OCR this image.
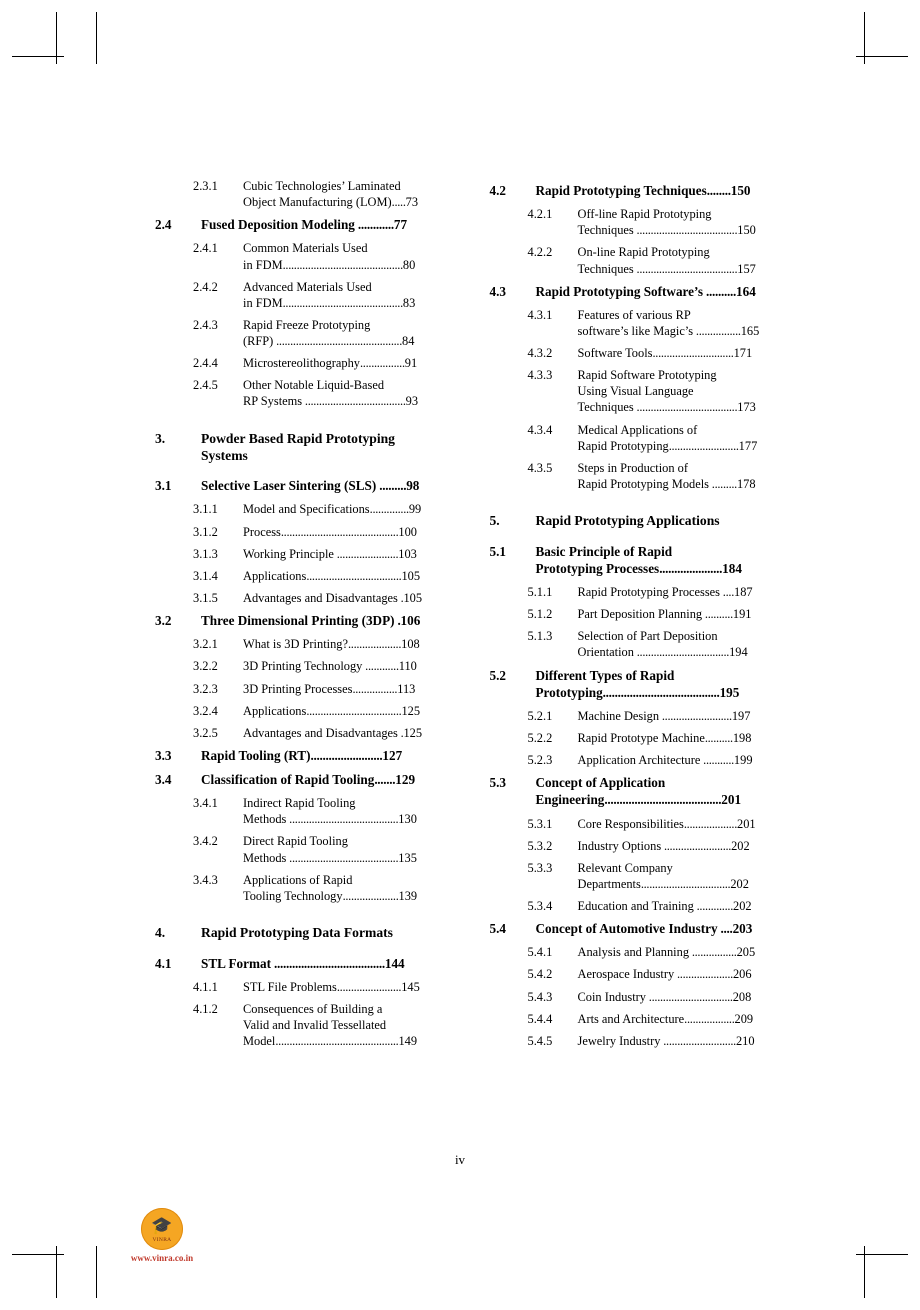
2.3.1	Cubic Technologies’ Laminated
Object Manufacturing (LOM).....73
2.4	Fused Deposition Modeling ............77
2.4.1	Common Materials Used
in FDM...........................................80
2.4.2	Advanced Materials Used
in FDM...........................................83
2.4.3	Rapid Freeze Prototyping
(RFP) .............................................84
2.4.4	Microstereolithography................91
2.4.5	Other Notable Liquid-Based
RP Systems ....................................93
3.	Powder Based Rapid Prototyping
Systems
3.1	Selective Laser Sintering (SLS) .........98
3.1.1	Model and Specifications..............99
3.1.2	Process..........................................100
3.1.3	Working Principle ......................103
3.1.4	Applications..................................105
3.1.5	Advantages and Disadvantages .105
3.2	Three Dimensional Printing (3DP) .106
3.2.1	What is 3D Printing?...................108
3.2.2	3D Printing Technology ............110
3.2.3	3D Printing Processes................113
3.2.4	Applications..................................125
3.2.5	Advantages and Disadvantages .125
3.3	Rapid Tooling (RT)........................127
3.4	Classification of Rapid Tooling.......129
3.4.1	Indirect Rapid Tooling
Methods .......................................130
3.4.2	Direct Rapid Tooling
Methods .......................................135
3.4.3	Applications of Rapid
Tooling Technology....................139
4.	Rapid Prototyping Data Formats
4.1	STL Format .....................................144
4.1.1	STL File Problems.......................145
4.1.2	Consequences of Building a
Valid and Invalid Tessellated
Model............................................149
4.2	Rapid Prototyping Techniques........150
4.2.1	Off-line Rapid Prototyping
Techniques ....................................150
4.2.2	On-line Rapid Prototyping
Techniques ....................................157
4.3	Rapid Prototyping Software’s ..........164
4.3.1	Features of various RP
software’s like Magic’s ................165
4.3.2	Software Tools.............................171
4.3.3	Rapid Software Prototyping
Using Visual Language
Techniques ....................................173
4.3.4	Medical Applications of
Rapid Prototyping.........................177
4.3.5	Steps in Production of
Rapid Prototyping Models .........178
5.	Rapid Prototyping Applications
5.1	Basic Principle of Rapid
Prototyping Processes.....................184
5.1.1	Rapid Prototyping Processes ....187
5.1.2	Part Deposition Planning ..........191
5.1.3	Selection of Part Deposition
Orientation .................................194
5.2	Different Types of Rapid
Prototyping.......................................195
5.2.1	Machine Design .........................197
5.2.2	Rapid Prototype Machine..........198
5.2.3	Application Architecture ...........199
5.3	Concept of Application
Engineering.......................................201
5.3.1	Core Responsibilities...................201
5.3.2	Industry Options ........................202
5.3.3	Relevant Company
Departments................................202
5.3.4	Education and Training .............202
5.4	Concept of Automotive Industry ....203
5.4.1	Analysis and Planning ................205
5.4.2	Aerospace Industry ....................206
5.4.3	Coin Industry ..............................208
5.4.4	Arts and Architecture..................209
5.4.5	Jewelry Industry ..........................210
iv
🎓
VINRA
www.vinra.co.in
